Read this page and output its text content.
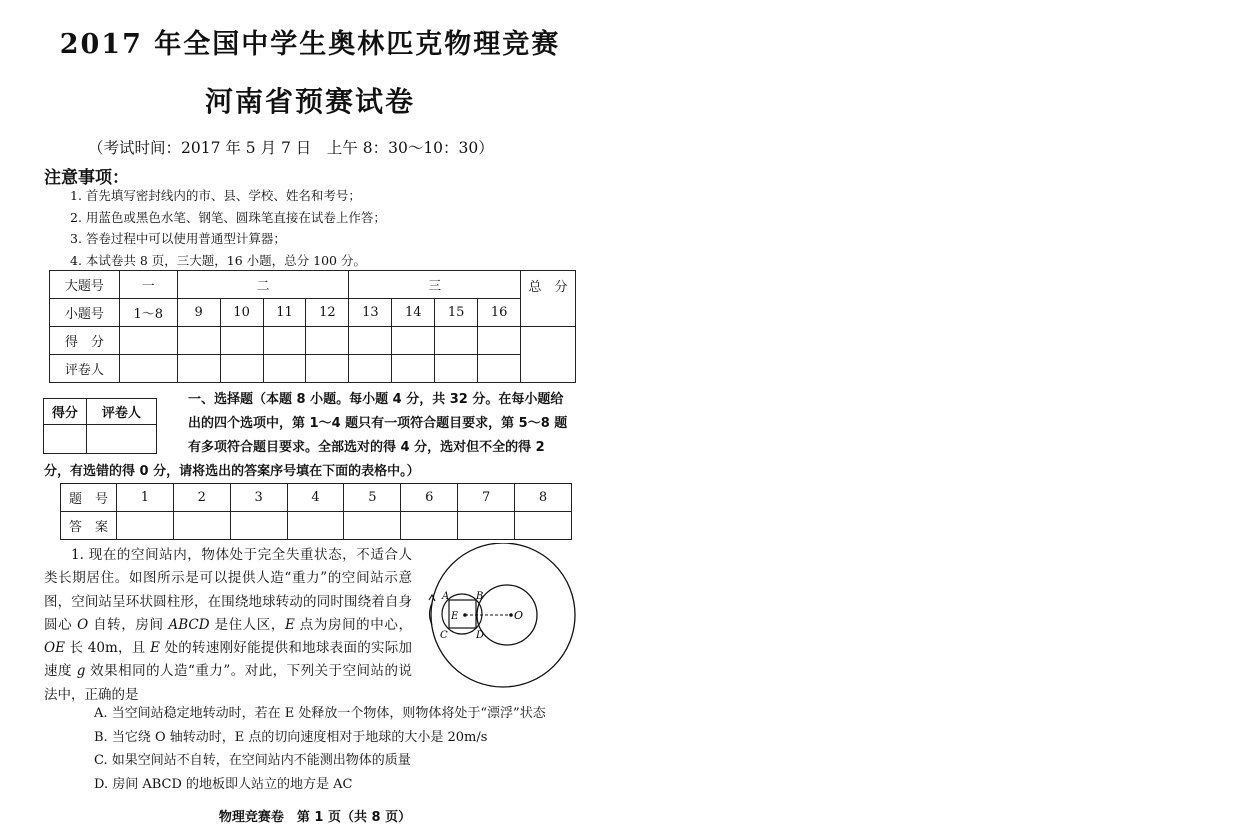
2017 年全国中学生奥林匹克物理竞赛
河南省预赛试卷
（考试时间：2017 年 5 月 7 日　上午 8：30～10：30）
注意事项：
1. 首先填写密封线内的市、县、学校、姓名和考号；
2. 用蓝色或黑色水笔、钢笔、圆珠笔直接在试卷上作答；
3. 答卷过程中可以使用普通型计算器；
4. 本试卷共 8 页，三大题，16 小题，总分 100 分。
大题号	一	二				三				总　分
小题号	1～8	9	10	11	12	13	14	15	16	
得　分										
评卷人										
得分	评卷人

一、选择题（本题 8 小题。每小题 4 分，共 32 分。在每小题给
出的四个选项中，第 1～4 题只有一项符合题目要求，第 5～8 题
有多项符合题目要求。全部选对的得 4 分，选对但不全的得 2
分，有选错的得 0 分，请将选出的答案序号填在下面的表格中。）
题　号	1	2	3	4	5	6	7	8
答　案								
1. 现在的空间站内，物体处于完全失重状态，不适合人类长期居住。如图所示是可以提供人造“重力”的空间站示意图，空间站呈环状圆柱形，在围绕地球转动的同时围绕着自身圆心 O 自转，房间 ABCD 是住人区，E 点为房间的中心，OE 长 40m，且 E 处的转速刚好能提供和地球表面的实际加速度 g 效果相同的人造“重力”。对此，下列关于空间站的说法中，正确的是
A	B
C	D
E	O
A. 当空间站稳定地转动时，若在 E 处释放一个物体，则物体将处于“漂浮”状态
B. 当它绕 O 轴转动时，E 点的切向速度相对于地球的大小是 20m/s
C. 如果空间站不自转，在空间站内不能测出物体的质量
D. 房间 ABCD 的地板即人站立的地方是 AC
物理竞赛卷　第 1 页（共 8 页）
